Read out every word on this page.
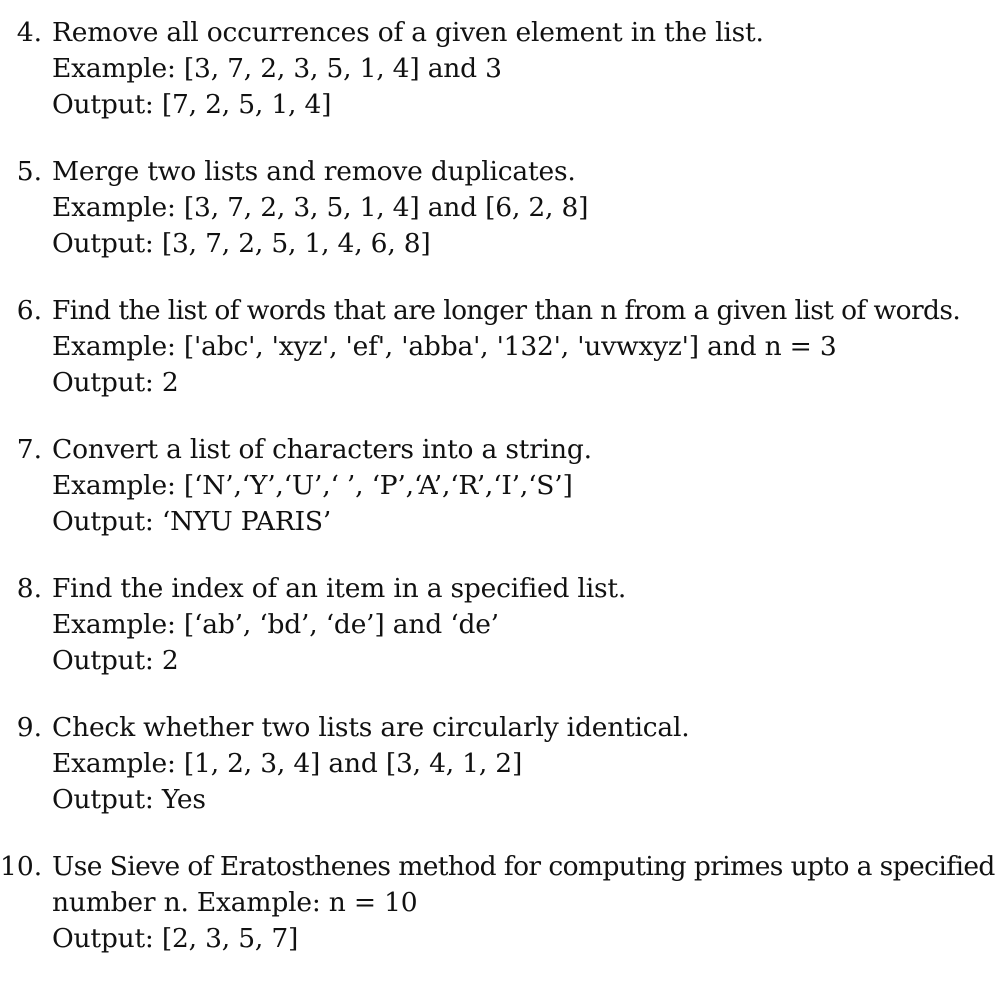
4. Remove all occurrences of a given element in the list.
Example: [3, 7, 2, 3, 5, 1, 4] and 3
Output: [7, 2, 5, 1, 4]
5. Merge two lists and remove duplicates.
Example: [3, 7, 2, 3, 5, 1, 4] and [6, 2, 8]
Output: [3, 7, 2, 5, 1, 4, 6, 8]
6. Find the list of words that are longer than n from a given list of words.
Example: ['abc', 'xyz', 'ef', 'abba', '132', 'uvwxyz'] and n = 3
Output: 2
7. Convert a list of characters into a string.
Example: [‘N’,‘Y’,‘U’,‘ ’, ‘P’,‘A’,‘R’,‘I’,‘S’]
Output: ‘NYU PARIS’
8. Find the index of an item in a specified list.
Example: [‘ab’, ‘bd’, ‘de’] and ‘de’
Output: 2
9. Check whether two lists are circularly identical.
Example: [1, 2, 3, 4] and [3, 4, 1, 2]
Output: Yes
10. Use Sieve of Eratosthenes method for computing primes upto a specified
number n. Example: n = 10
Output: [2, 3, 5, 7]
